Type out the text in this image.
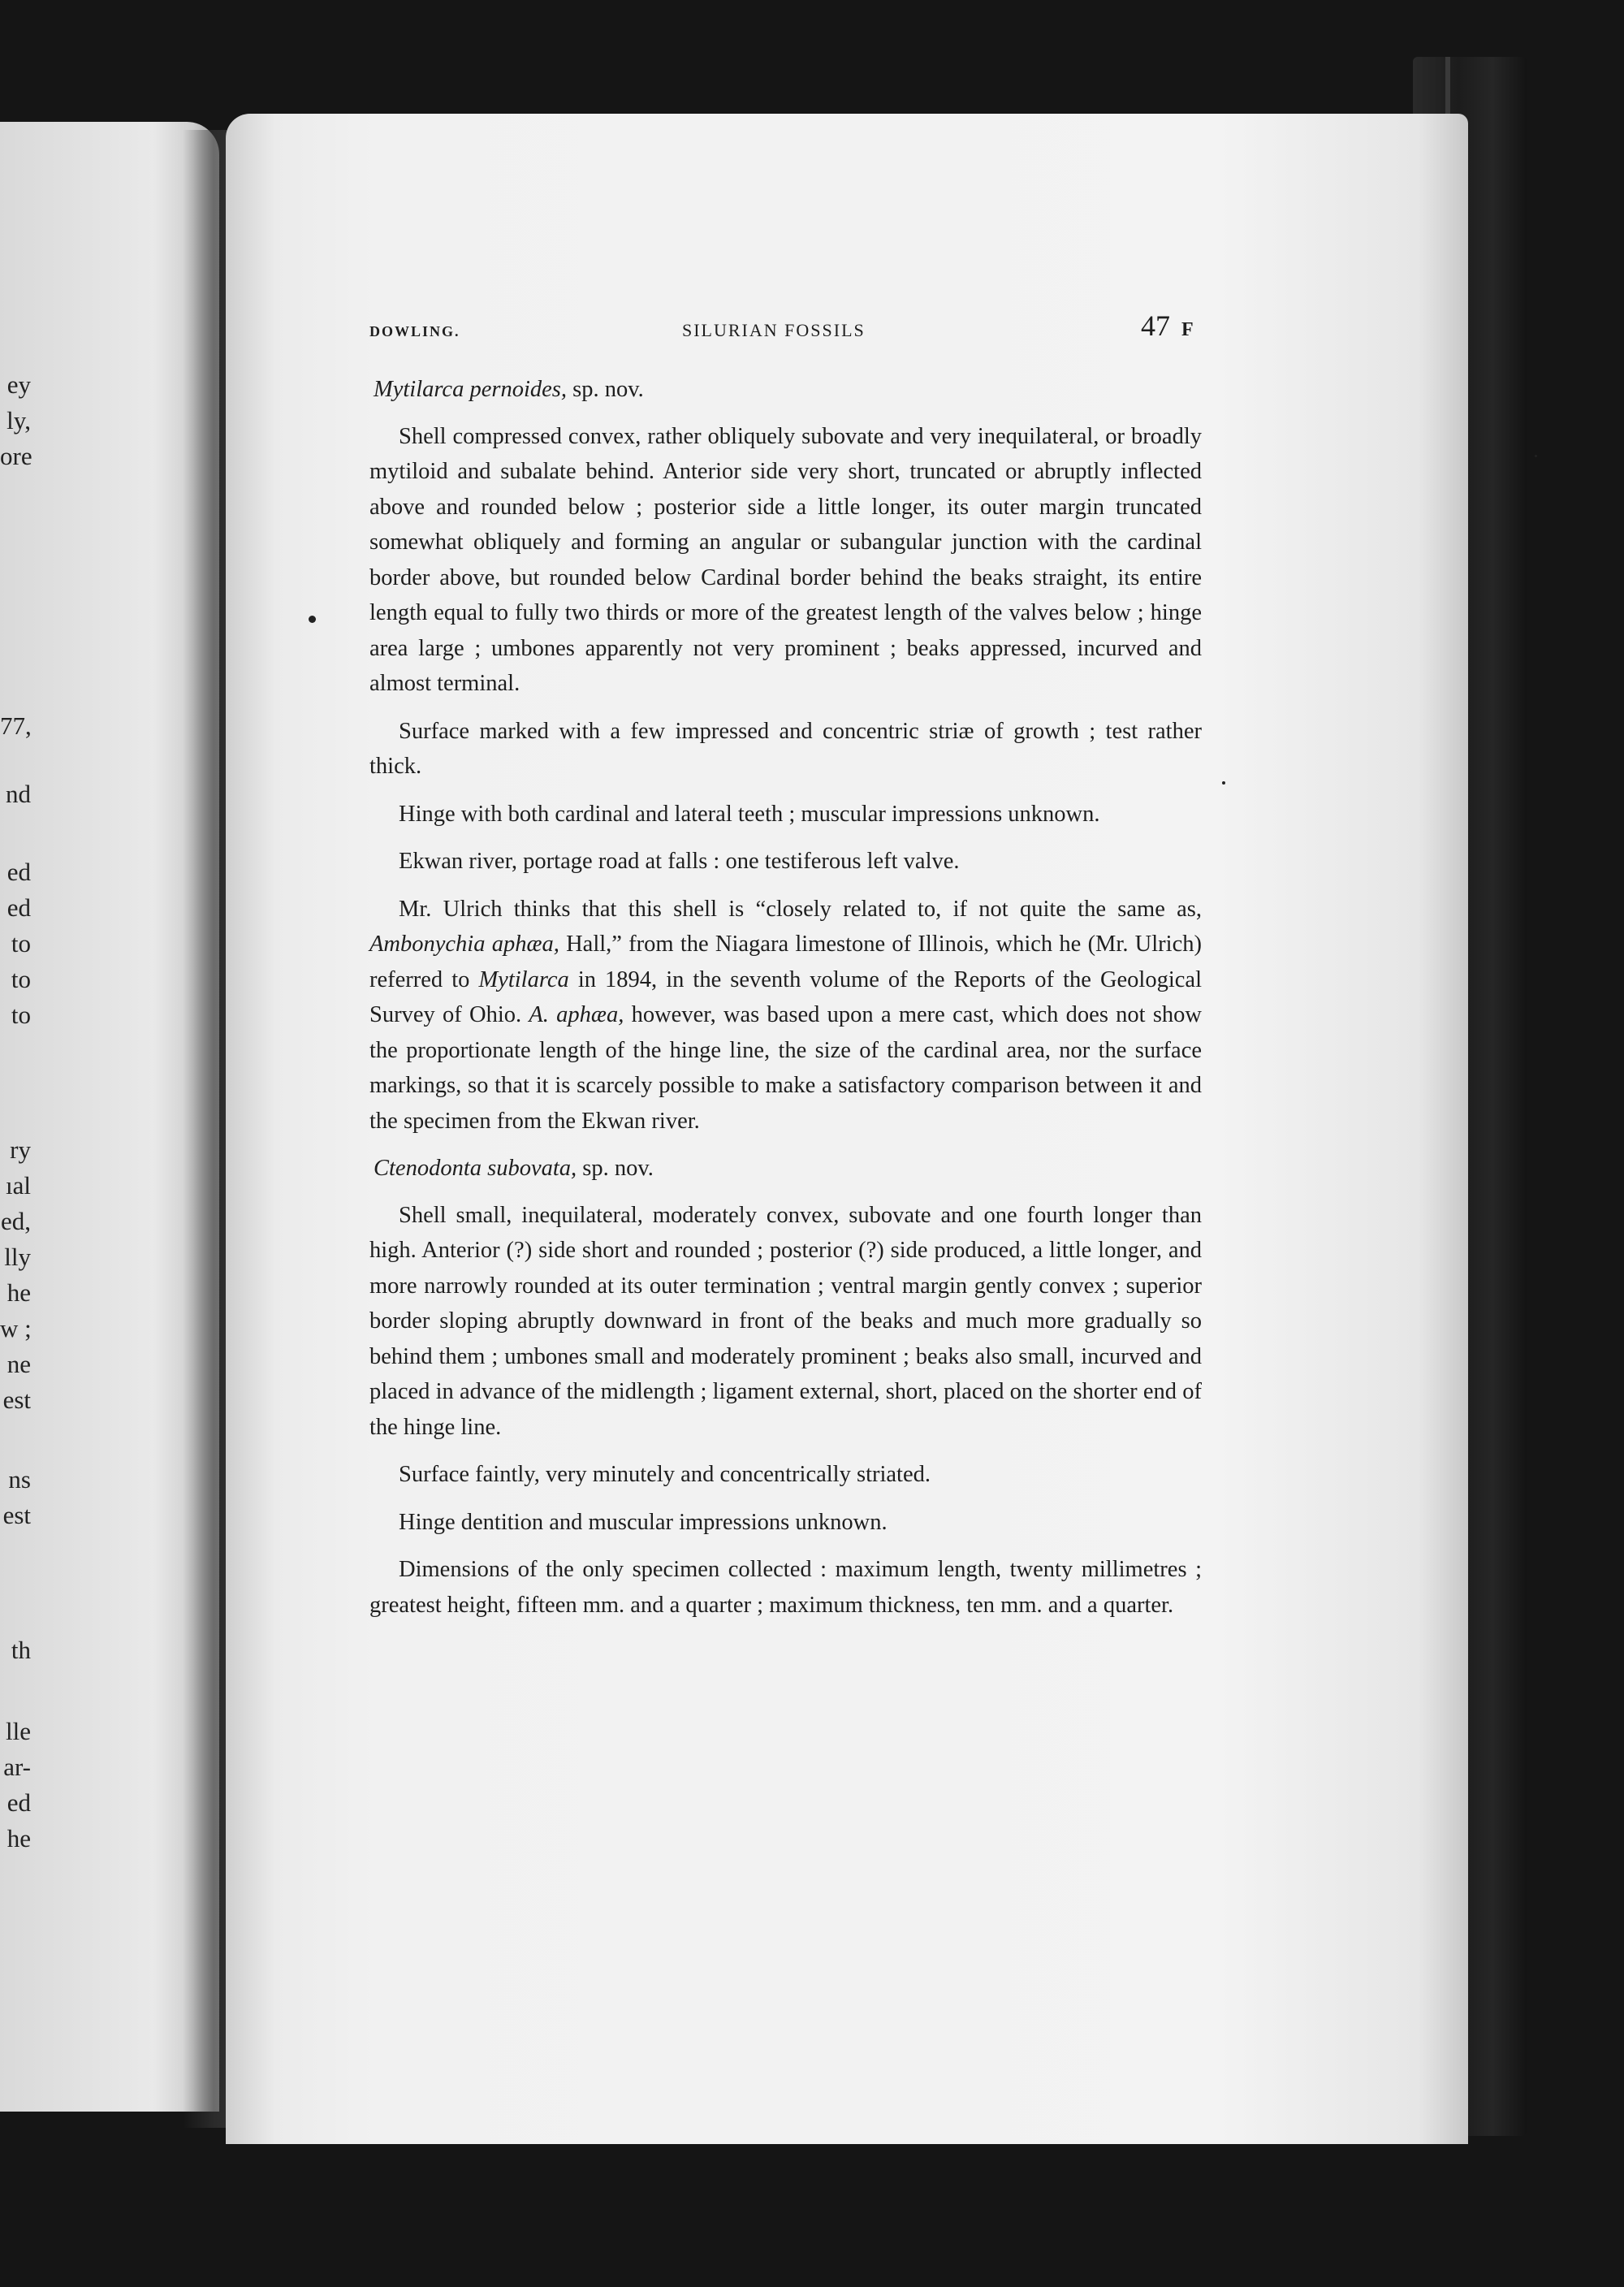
ey
ly,
ore
77,
nd
ed
ed
to
to
to
ry
ıal
ed,
lly
he
w ;
ne
est
ns
est
th
lle
ar-
ed
he
DOWLING.	SILURIAN FOSSILS	47 F
Mytilarca pernoides, sp. nov.

Shell compressed convex, rather obliquely subovate and very inequilateral, or broadly mytiloid and subalate behind. Anterior side very short, truncated or abruptly inflected above and rounded below ; posterior side a little longer, its outer margin truncated somewhat obliquely and forming an angular or subangular junction with the cardinal border above, but rounded below Cardinal border behind the beaks straight, its entire length equal to fully two thirds or more of the greatest length of the valves below ; hinge area large ; umbones apparently not very prominent ; beaks appressed, incurved and almost terminal.

Surface marked with a few impressed and concentric striæ of growth ; test rather thick.

Hinge with both cardinal and lateral teeth ; muscular impressions unknown.

Ekwan river, portage road at falls : one testiferous left valve.

Mr. Ulrich thinks that this shell is “closely related to, if not quite the same as, Ambonychia aphæa, Hall,” from the Niagara limestone of Illinois, which he (Mr. Ulrich) referred to Mytilarca in 1894, in the seventh volume of the Reports of the Geological Survey of Ohio. A. aphæa, however, was based upon a mere cast, which does not show the proportionate length of the hinge line, the size of the cardinal area, nor the surface markings, so that it is scarcely possible to make a satisfactory comparison between it and the specimen from the Ekwan river.

Ctenodonta subovata, sp. nov.

Shell small, inequilateral, moderately convex, subovate and one fourth longer than high. Anterior (?) side short and rounded ; posterior (?) side produced, a little longer, and more narrowly rounded at its outer termination ; ventral margin gently convex ; superior border sloping abruptly downward in front of the beaks and much more gradually so behind them ; umbones small and moderately prominent ; beaks also small, incurved and placed in advance of the midlength ; ligament external, short, placed on the shorter end of the hinge line.

Surface faintly, very minutely and concentrically striated.

Hinge dentition and muscular impressions unknown.

Dimensions of the only specimen collected : maximum length, twenty millimetres ; greatest height, fifteen mm. and a quarter ; maximum thickness, ten mm. and a quarter.
